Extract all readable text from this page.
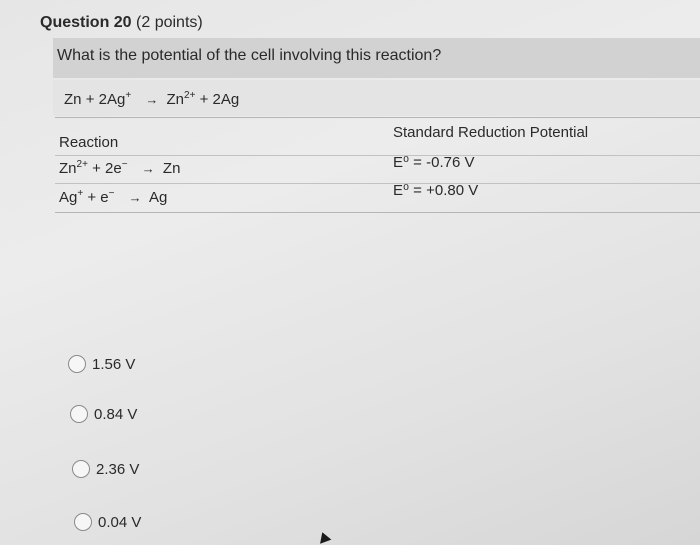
Question 20 (2 points)
What is the potential of the cell involving this reaction?
$Zn + 2Ag^+ \to Zn^{2+} + 2Ag$
Reaction
Standard Reduction Potential
$Zn^{2+} + 2e^- \to Zn$	E⁰ = -0.76 V
Ag+ + e− → Ag	E⁰ = +0.80 V
1.56 V
0.84 V
2.36 V
0.04 V
